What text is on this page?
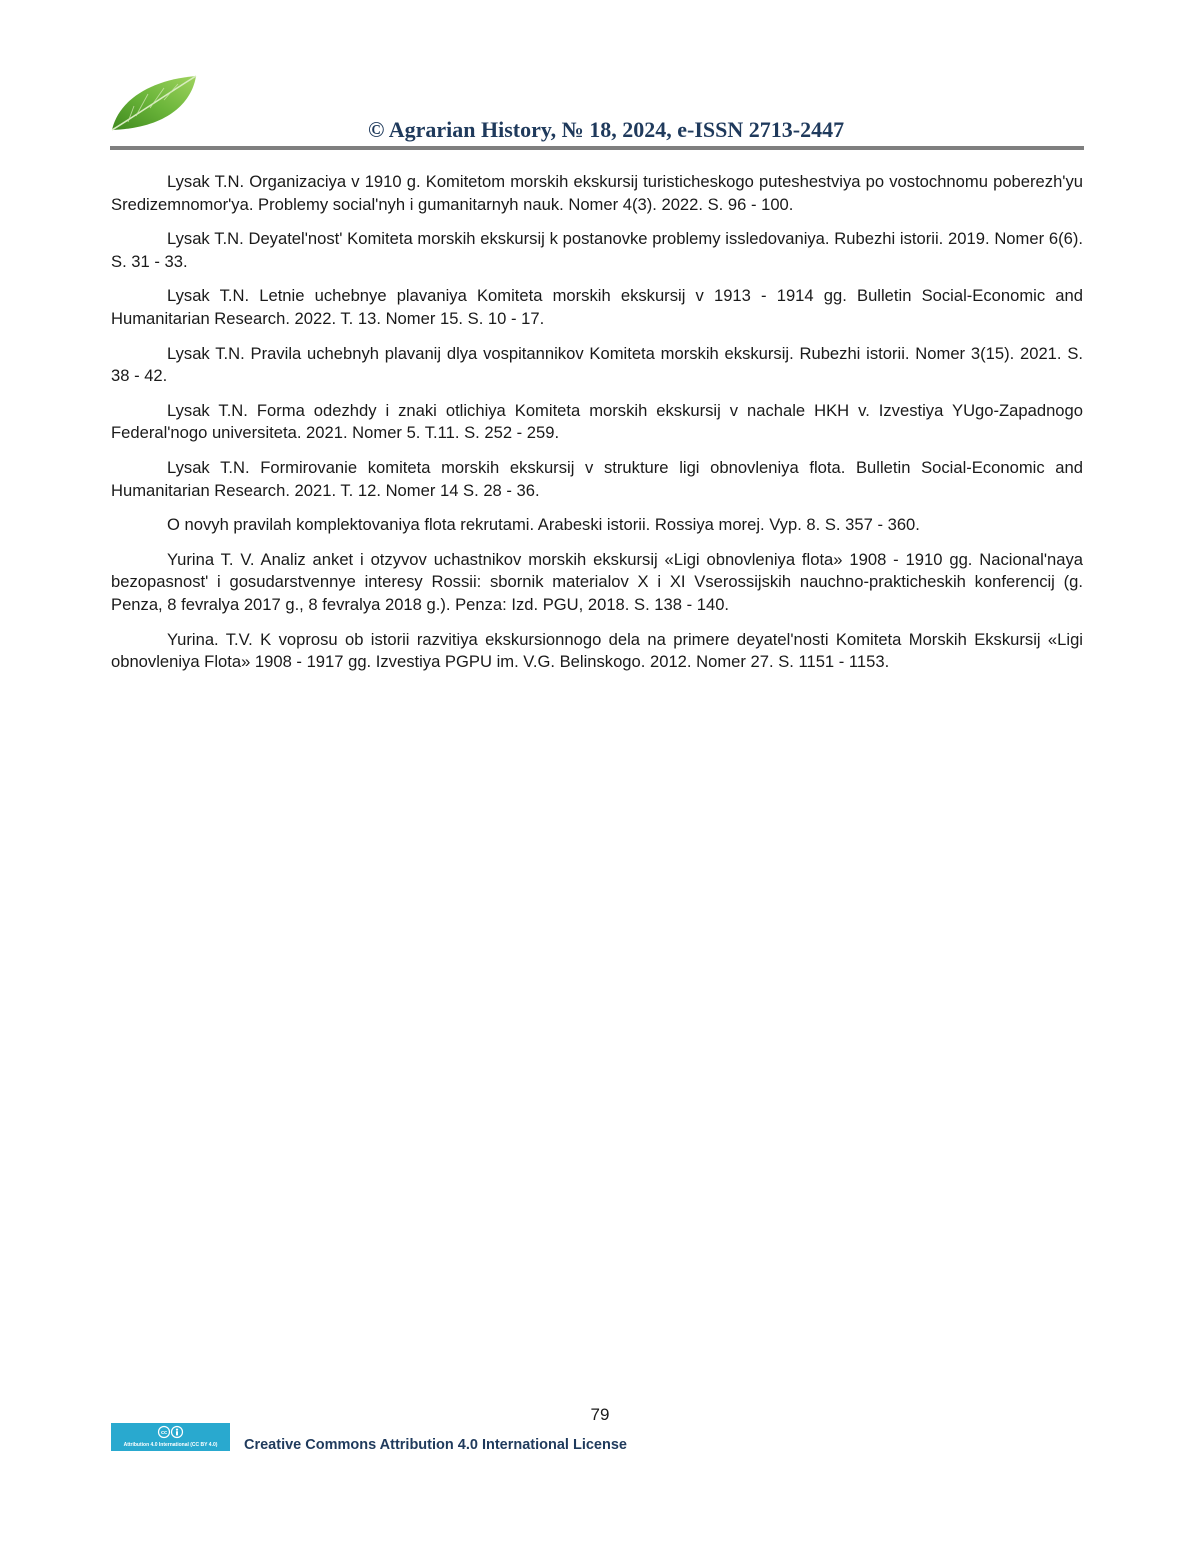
© Agrarian History, № 18, 2024, e-ISSN 2713-2447

Lysak T.N. Organizaciya v 1910 g. Komitetom morskih ekskursij turisticheskogo puteshestviya po vostochnomu poberezh'yu Sredizemnomor'ya. Problemy social'nyh i gumanitarnyh nauk. Nomer 4(3). 2022. S. 96 - 100.

Lysak T.N. Deyatel'nost' Komiteta morskih ekskursij k postanovke problemy issledovaniya. Rubezhi istorii. 2019. Nomer 6(6). S. 31 - 33.

Lysak T.N. Letnie uchebnye plavaniya Komiteta morskih ekskursij v 1913 - 1914 gg. Bulletin Social-Economic and Humanitarian Research. 2022. T. 13. Nomer 15. S. 10 - 17.

Lysak T.N. Pravila uchebnyh plavanij dlya vospitannikov Komiteta morskih ekskursij. Rubezhi istorii. Nomer 3(15). 2021. S. 38 - 42.

Lysak T.N. Forma odezhdy i znaki otlichiya Komiteta morskih ekskursij v nachale HKH v. Izvestiya YUgo-Zapadnogo Federal'nogo universiteta. 2021. Nomer 5. T.11. S. 252 - 259.

Lysak T.N. Formirovanie komiteta morskih ekskursij v strukture ligi obnovleniya flota. Bulletin Social-Economic and Humanitarian Research. 2021. T. 12. Nomer 14 S. 28 - 36.

O novyh pravilah komplektovaniya flota rekrutami. Arabeski istorii. Rossiya morej. Vyp. 8. S. 357 - 360.

Yurina T. V. Analiz anket i otzyvov uchastnikov morskih ekskursij «Ligi obnovleniya flota» 1908 - 1910 gg. Nacional'naya bezopasnost' i gosudarstvennye interesy Rossii: sbornik materialov X i XI Vserossijskih nauchno-prakticheskih konferencij (g. Penza, 8 fevralya 2017 g., 8 fevralya 2018 g.). Penza: Izd. PGU, 2018. S. 138 - 140.

Yurina. T.V. K voprosu ob istorii razvitiya ekskursionnogo dela na primere deyatel'nosti Komiteta Morskih Ekskursij «Ligi obnovleniya Flota» 1908 - 1917 gg. Izvestiya PGPU im. V.G. Belinskogo. 2012. Nomer 27. S. 1151 - 1153.

79
cc
Attribution 4.0 International (CC BY 4.0) Creative Commons Attribution 4.0 International License
